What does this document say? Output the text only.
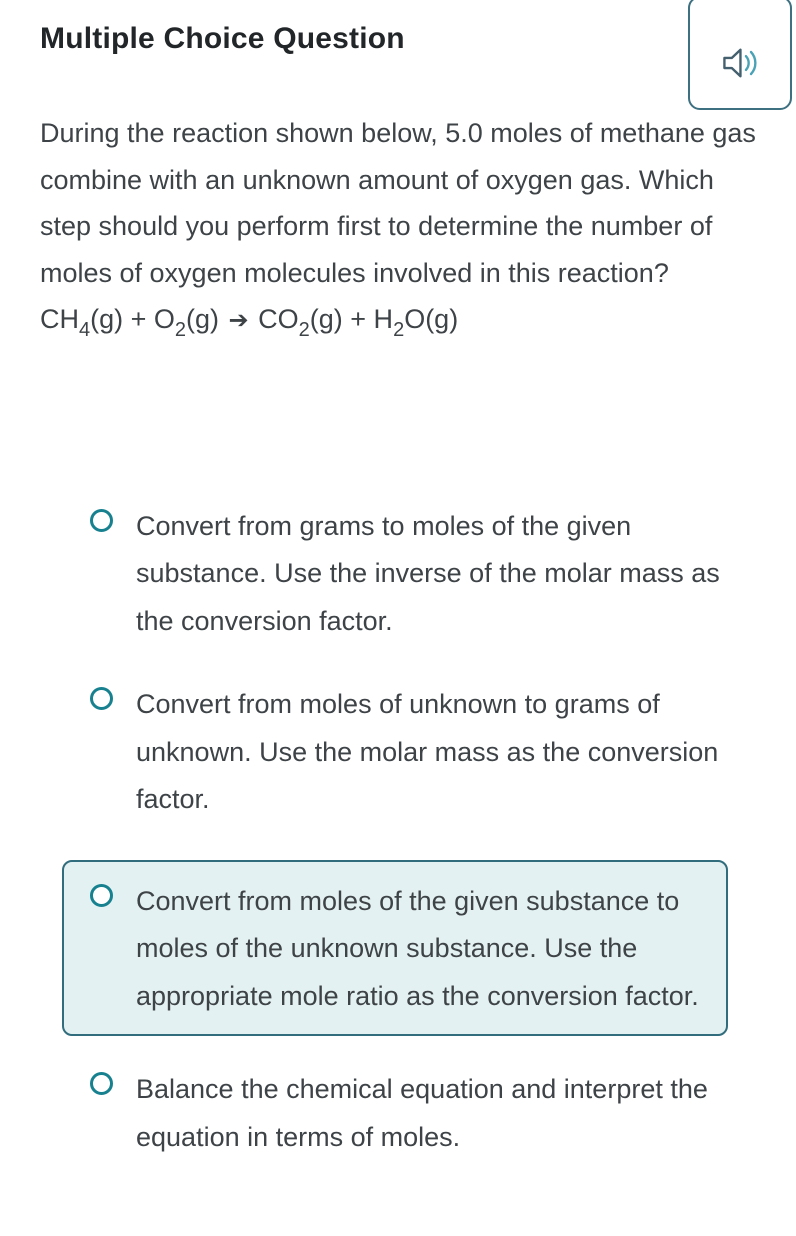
Multiple Choice Question

During the reaction shown below, 5.0 moles of methane gas combine with an unknown amount of oxygen gas. Which step should you perform first to determine the number of moles of oxygen molecules involved in this reaction?

$CH_4(g) + O_2(g)$ ➔ $CO_2(g) + H_2O(g)$
Convert from grams to moles of the given substance. Use the inverse of the molar mass as the conversion factor.
Convert from moles of unknown to grams of unknown. Use the molar mass as the conversion factor.
Convert from moles of the given substance to moles of the unknown substance. Use the appropriate mole ratio as the conversion factor.
Balance the chemical equation and interpret the equation in terms of moles.
